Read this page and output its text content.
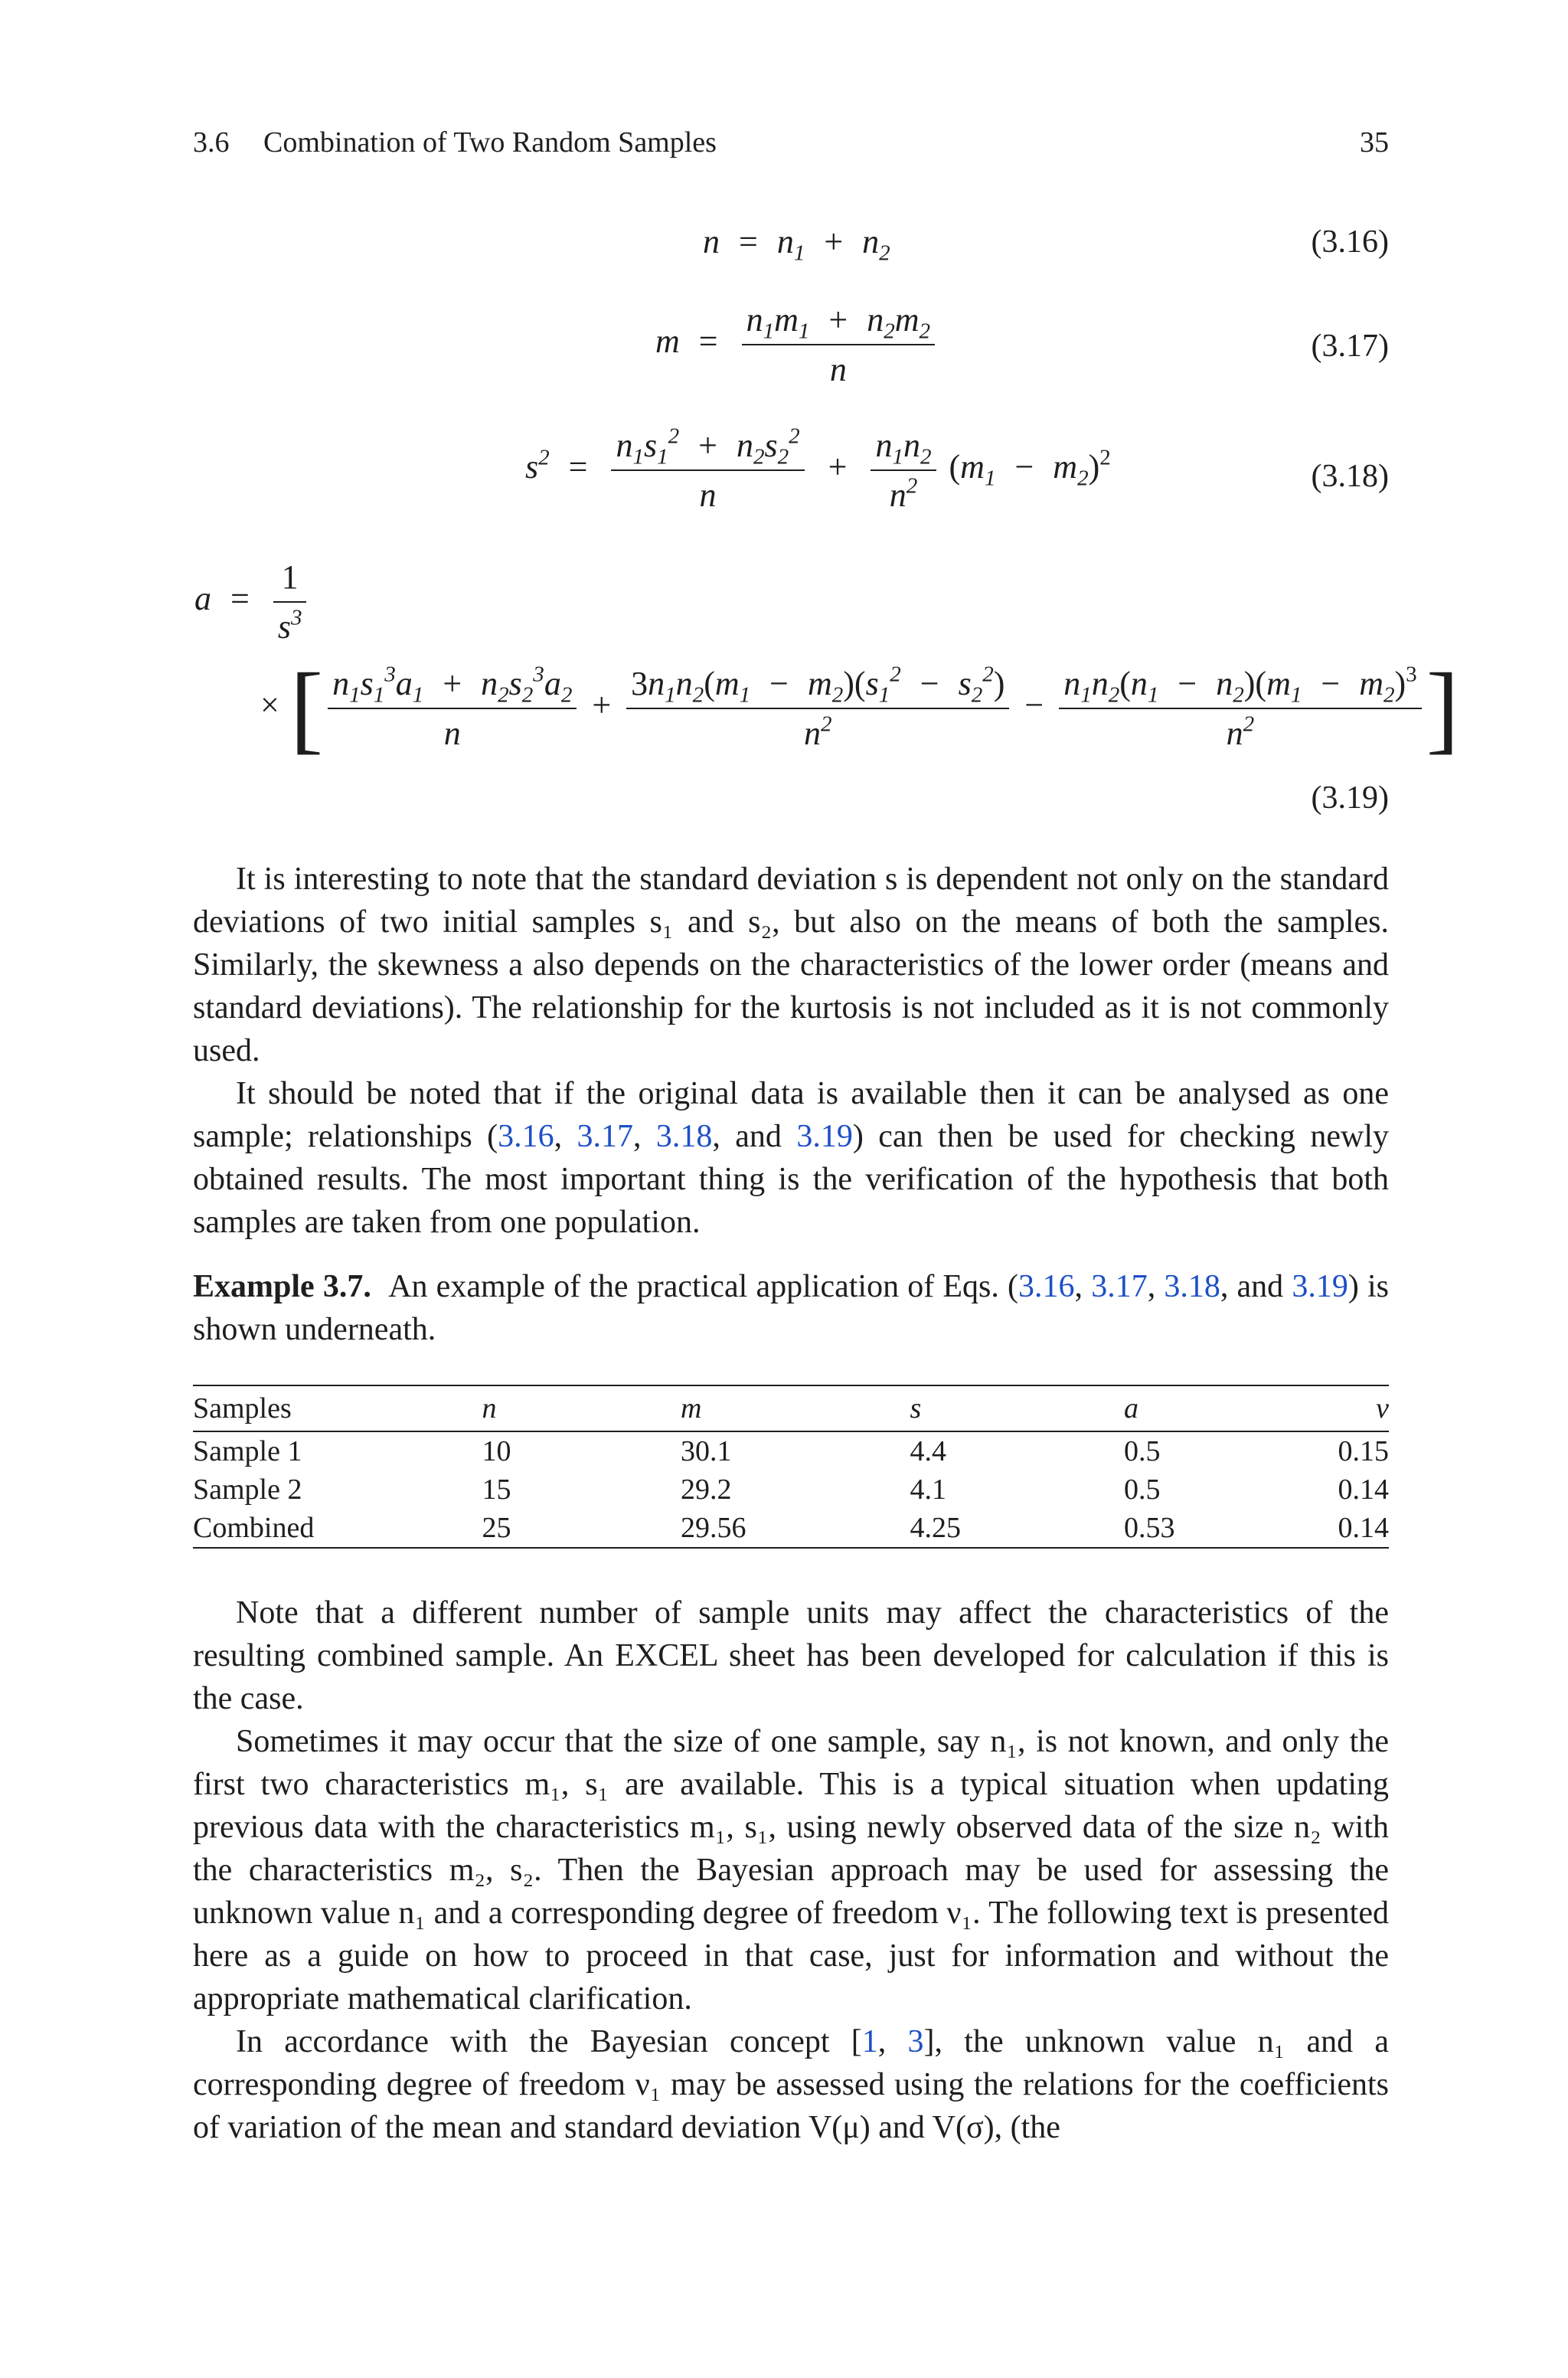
3.6 Combination of Two Random Samples	35
$n = n_1 + n_2$	(3.16)
$m = \frac{n_1m_1 + n_2m_2}{n}$	(3.17)
$s^2 = \frac{n_1s_1^2 + n_2s_2^2}{n} + \frac{n_1n_2}{n^2} (m_1 - m_2)^2$
(3.18)
$a = \frac{1}{s^3}$
× [ $\frac{n_1s_1^3a_1 + n_2s_2^3a_2}{n} + \frac{3n_1n_2(m_1 - m_2)(s_1^2 - s_2^2)}{n^2} - \frac{n_1n_2(n_1 - n_2)(m_1 - m_2)^3}{n^2}$ ]
(3.19)
It is interesting to note that the standard deviation s is dependent not only on the standard deviations of two initial samples s₁ and s₂, but also on the means of both the samples. Similarly, the skewness a also depends on the characteristics of the lower order (means and standard deviations). The relationship for the kurtosis is not included as it is not commonly used.
It should be noted that if the original data is available then it can be analysed as one sample; relationships (3.16, 3.17, 3.18, and 3.19) can then be used for checking newly obtained results. The most important thing is the verification of the hypothesis that both samples are taken from one population.
Example 3.7. An example of the practical application of Eqs. (3.16, 3.17, 3.18, and 3.19) is shown underneath.
Samples	n	m	s	a	v
Sample 1	10	30.1	4.4	0.5	0.15
Sample 2	15	29.2	4.1	0.5	0.14
Combined	25	29.56	4.25	0.53	0.14
Note that a different number of sample units may affect the characteristics of the resulting combined sample. An EXCEL sheet has been developed for calculation if this is the case.
Sometimes it may occur that the size of one sample, say n₁, is not known, and only the first two characteristics m₁, s₁ are available. This is a typical situation when updating previous data with the characteristics m₁, s₁, using newly observed data of the size n₂ with the characteristics m₂, s₂. Then the Bayesian approach may be used for assessing the unknown value n₁ and a corresponding degree of freedom ν₁. The following text is presented here as a guide on how to proceed in that case, just for information and without the appropriate mathematical clarification.
In accordance with the Bayesian concept [1, 3], the unknown value n₁ and a corresponding degree of freedom ν₁ may be assessed using the relations for the coefficients of variation of the mean and standard deviation V(μ) and V(σ), (the
